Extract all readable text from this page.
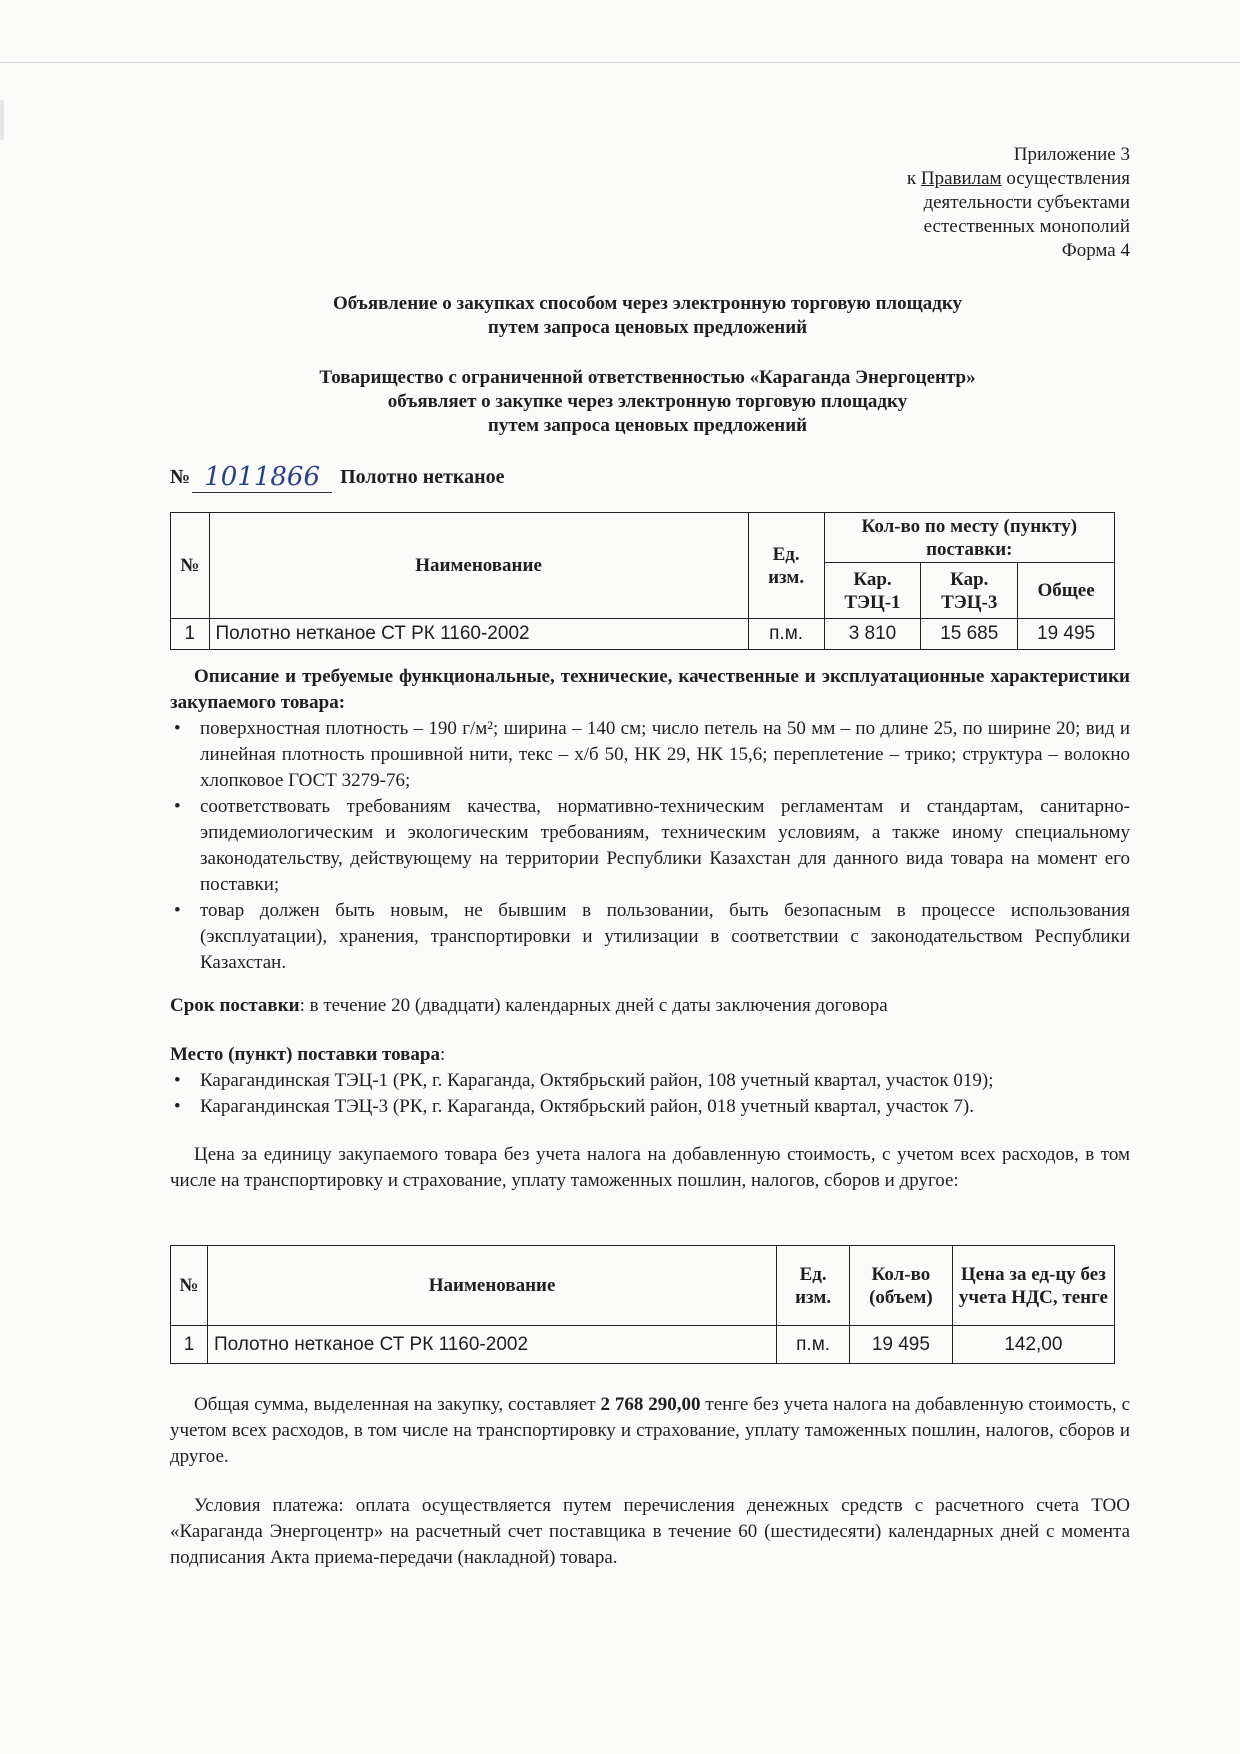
Приложение 3
к Правилам осуществления
деятельности субъектами
естественных монополий
Форма 4
Объявление о закупках способом через электронную торговую площадку
путем запроса ценовых предложений
Товарищество с ограниченной ответственностью «Караганда Энергоцентр»
объявляет о закупке через электронную торговую площадку
путем запроса ценовых предложений
№ 1011866 Полотно нетканое
№	Наименование	Ед. изм.	Кол-во по месту (пункту) поставки:		
			Кар. ТЭЦ-1	Кар. ТЭЦ-3	Общее
1	Полотно нетканое СТ РК 1160-2002	п.м.	3 810	15 685	19 495
Описание и требуемые функциональные, технические, качественные и эксплуатационные характеристики закупаемого товара:
• поверхностная плотность – 190 г/м²; ширина – 140 см; число петель на 50 мм – по длине 25, по ширине 20; вид и линейная плотность прошивной нити, текс – х/б 50, НК 29, НК 15,6; переплетение – трико; структура – волокно хлопковое ГОСТ 3279-76;
• соответствовать требованиям качества, нормативно-техническим регламентам и стандартам, санитарно-эпидемиологическим и экологическим требованиям, техническим условиям, а также иному специальному законодательству, действующему на территории Республики Казахстан для данного вида товара на момент его поставки;
• товар должен быть новым, не бывшим в пользовании, быть безопасным в процессе использования (эксплуатации), хранения, транспортировки и утилизации в соответствии с законодательством Республики Казахстан.
Срок поставки: в течение 20 (двадцати) календарных дней с даты заключения договора
Место (пункт) поставки товара:
• Карагандинская ТЭЦ-1 (РК, г. Караганда, Октябрьский район, 108 учетный квартал, участок 019);
• Карагандинская ТЭЦ-3 (РК, г. Караганда, Октябрьский район, 018 учетный квартал, участок 7).
Цена за единицу закупаемого товара без учета налога на добавленную стоимость, с учетом всех расходов, в том числе на транспортировку и страхование, уплату таможенных пошлин, налогов, сборов и другое:
№	Наименование	Ед. изм.	Кол-во (объем)	Цена за ед-цу без учета НДС, тенге
1	Полотно нетканое СТ РК 1160-2002	п.м.	19 495	142,00
Общая сумма, выделенная на закупку, составляет 2 768 290,00 тенге без учета налога на добавленную стоимость, с учетом всех расходов, в том числе на транспортировку и страхование, уплату таможенных пошлин, налогов, сборов и другое.
Условия платежа: оплата осуществляется путем перечисления денежных средств с расчетного счета ТОО «Караганда Энергоцентр» на расчетный счет поставщика в течение 60 (шестидесяти) календарных дней с момента подписания Акта приема-передачи (накладной) товара.
